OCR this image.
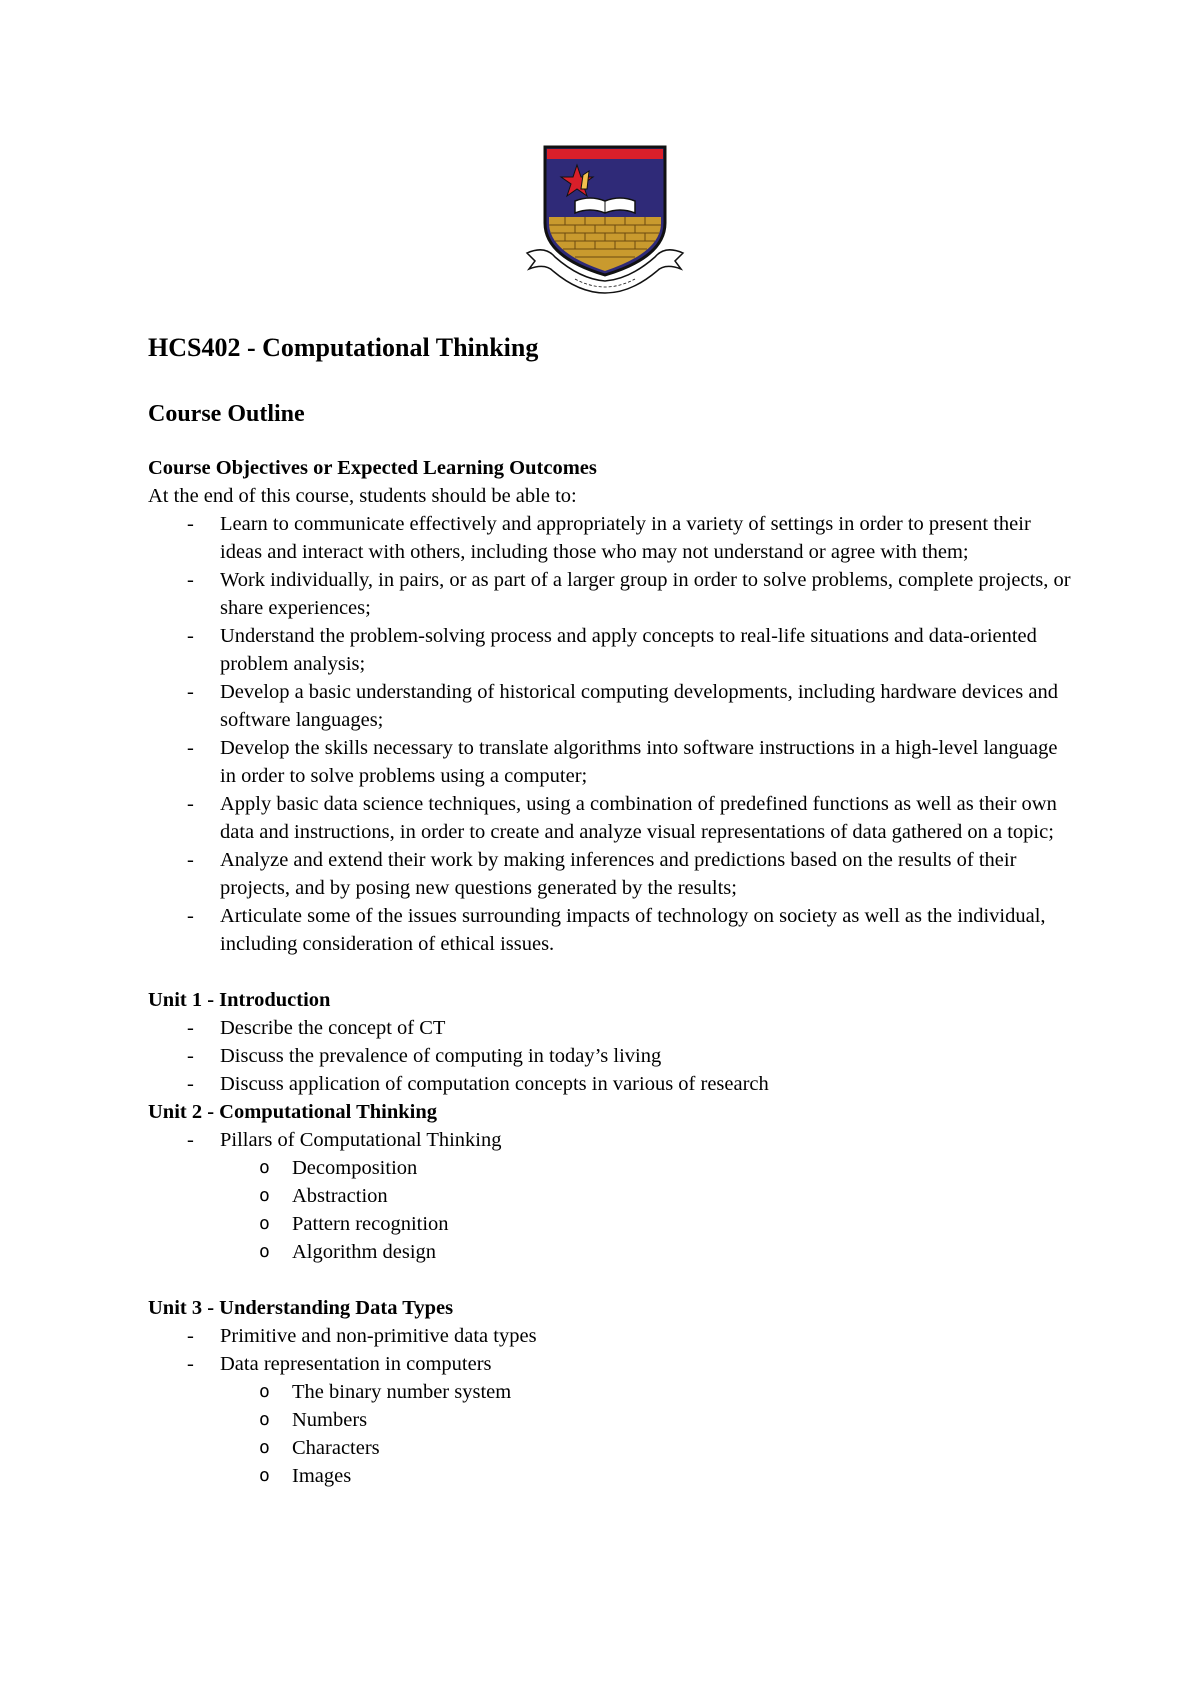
HCS402 - Computational Thinking
Course Outline
Course Objectives or Expected Learning Outcomes

At the end of this course, students should be able to:

- Learn to communicate effectively and appropriately in a variety of settings in order to present their ideas and interact with others, including those who may not understand or agree with them;
- Work individually, in pairs, or as part of a larger group in order to solve problems, complete projects, or share experiences;
- Understand the problem-solving process and apply concepts to real-life situations and data-oriented problem analysis;
- Develop a basic understanding of historical computing developments, including hardware devices and software languages;
- Develop the skills necessary to translate algorithms into software instructions in a high-level language in order to solve problems using a computer;
- Apply basic data science techniques, using a combination of predefined functions as well as their own data and instructions, in order to create and analyze visual representations of data gathered on a topic;
- Analyze and extend their work by making inferences and predictions based on the results of their projects, and by posing new questions generated by the results;
- Articulate some of the issues surrounding impacts of technology on society as well as the individual, including consideration of ethical issues.
Unit 1 - Introduction
- Describe the concept of CT
- Discuss the prevalence of computing in today’s living
- Discuss application of computation concepts in various of research
Unit 2 - Computational Thinking
- Pillars of Computational Thinking
o Decomposition
o Abstraction
o Pattern recognition
o Algorithm design
Unit 3 - Understanding Data Types
- Primitive and non-primitive data types
- Data representation in computers
o The binary number system
o Numbers
o Characters
o Images
